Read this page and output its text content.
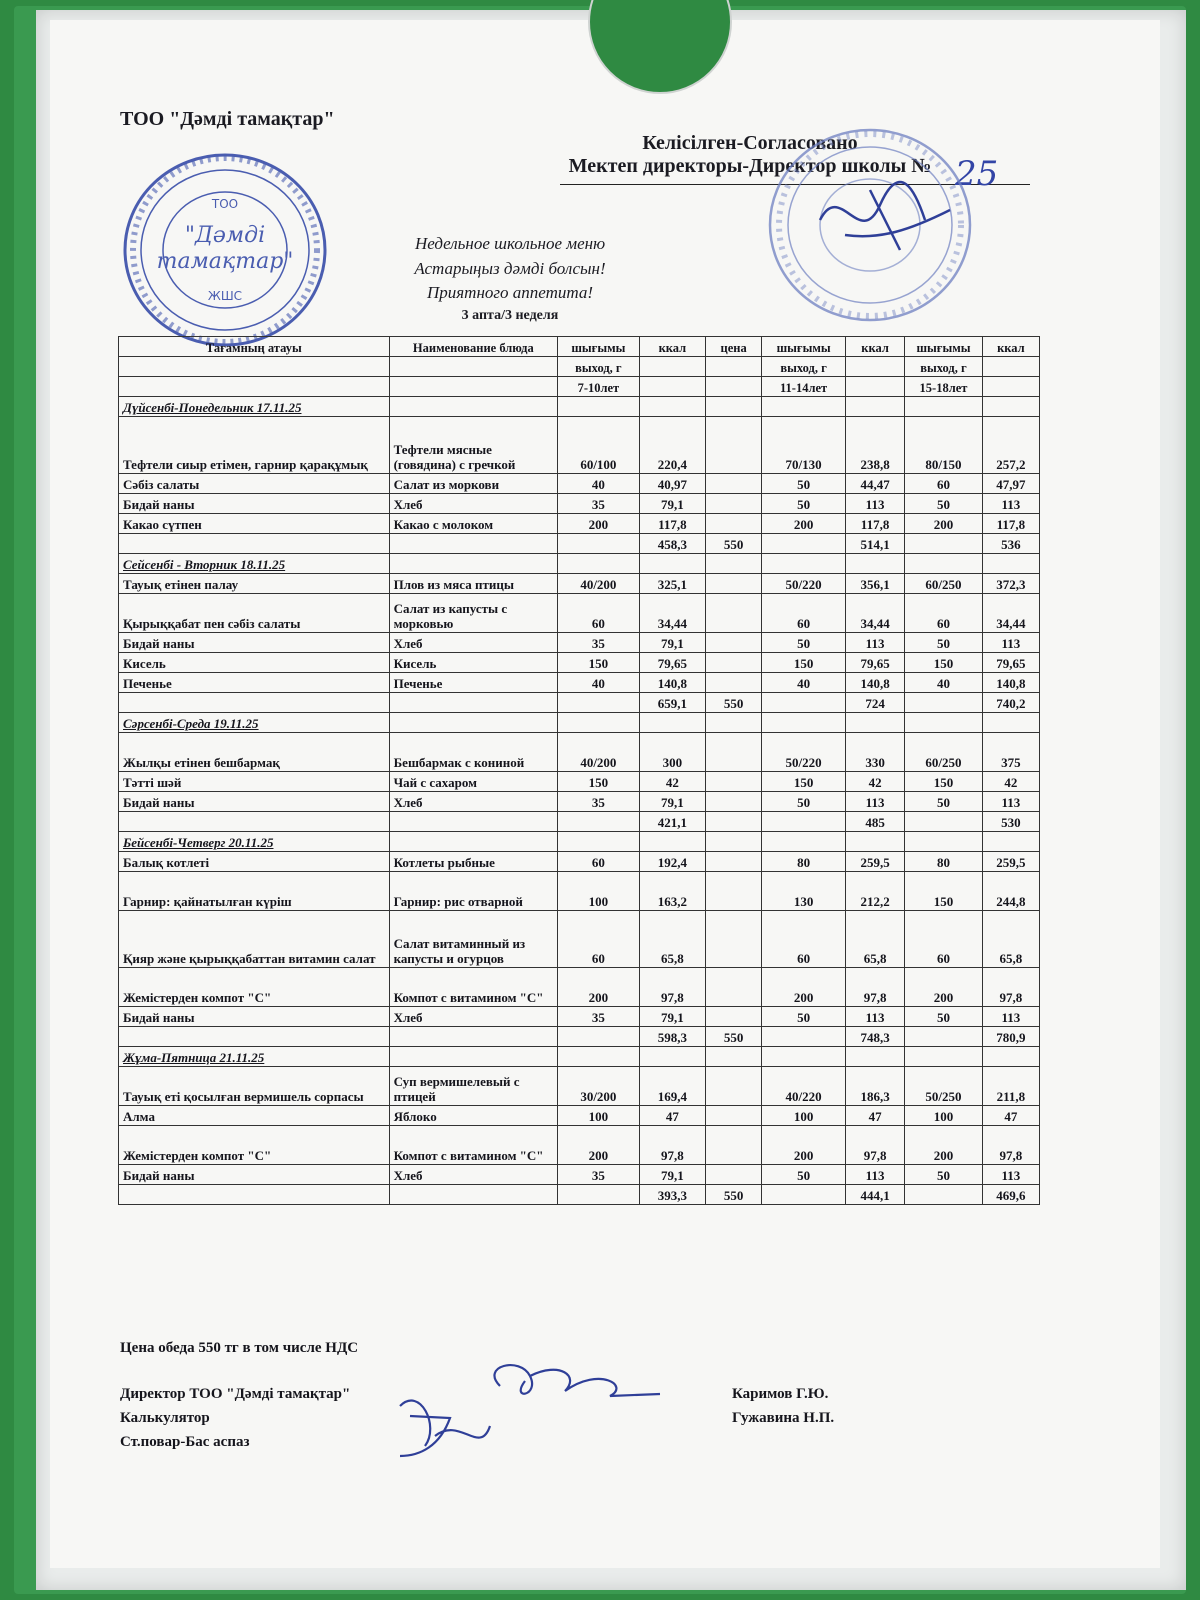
ТОО "Дәмді тамақтар"
Келісілген-Согласовано
Мектеп директоры-Директор школы № 25
ТОО
"Дәмді
тамақтар"
ЖШС
Недельное школьное меню
Астарыңыз дәмді болсын!
Приятного аппетита!
3 апта/3 неделя
Тағамның атауы	Наименование блюда	шығымы	ккал	цена	шығымы	ккал	шығымы	ккал
		выход, г			выход, г		выход, г	
		7-10лет			11-14лет		15-18лет	
Дүйсенбі-Понедельник 17.11.25								
Тефтели сиыр етімен, гарнир қарақұмық	Тефтели мясные (говядина) с гречкой	60/100	220,4		70/130	238,8	80/150	257,2
Сәбіз салаты	Салат из моркови	40	40,97		50	44,47	60	47,97
Бидай наны	Хлеб	35	79,1		50	113	50	113
Какао сүтпен	Какао с молоком	200	117,8		200	117,8	200	117,8
			458,3	550		514,1		536
Сейсенбі - Вторник 18.11.25								
Тауық етінен палау	Плов из мяса птицы	40/200	325,1		50/220	356,1	60/250	372,3
Қырыққабат пен сәбіз салаты	Салат из капусты с морковью	60	34,44		60	34,44	60	34,44
Бидай наны	Хлеб	35	79,1		50	113	50	113
Кисель	Кисель	150	79,65		150	79,65	150	79,65
Печенье	Печенье	40	140,8		40	140,8	40	140,8
			659,1	550		724		740,2
Сәрсенбі-Среда 19.11.25								
Жылқы етінен бешбармақ	Бешбармак с кониной	40/200	300		50/220	330	60/250	375
Тәтті шәй	Чай с сахаром	150	42		150	42	150	42
Бидай наны	Хлеб	35	79,1		50	113	50	113
			421,1			485		530
Бейсенбі-Четверг 20.11.25								
Балық котлеті	Котлеты рыбные	60	192,4		80	259,5	80	259,5
Гарнир: қайнатылған күріш	Гарнир: рис отварной	100	163,2		130	212,2	150	244,8
Қияр және қырыққабаттан витамин салат	Салат витаминный из капусты и огурцов	60	65,8		60	65,8	60	65,8
Жемістерден компот "С"	Компот с витамином "С"	200	97,8		200	97,8	200	97,8
Бидай наны	Хлеб	35	79,1		50	113	50	113
			598,3	550		748,3		780,9
Жұма-Пятница 21.11.25								
Тауық еті қосылған вермишель сорпасы	Суп вермишелевый с птицей	30/200	169,4		40/220	186,3	50/250	211,8
Алма	Яблоко	100	47		100	47	100	47
Жемістерден компот "С"	Компот с витамином "С"	200	97,8		200	97,8	200	97,8
Бидай наны	Хлеб	35	79,1		50	113	50	113
			393,3	550		444,1		469,6
Цена обеда 550 тг в том числе НДС
Директор ТОО "Дәмді тамақтар"	Каримов Г.Ю.
Калькулятор	Гужавина Н.П.
Ст.повар-Бас аспаз
